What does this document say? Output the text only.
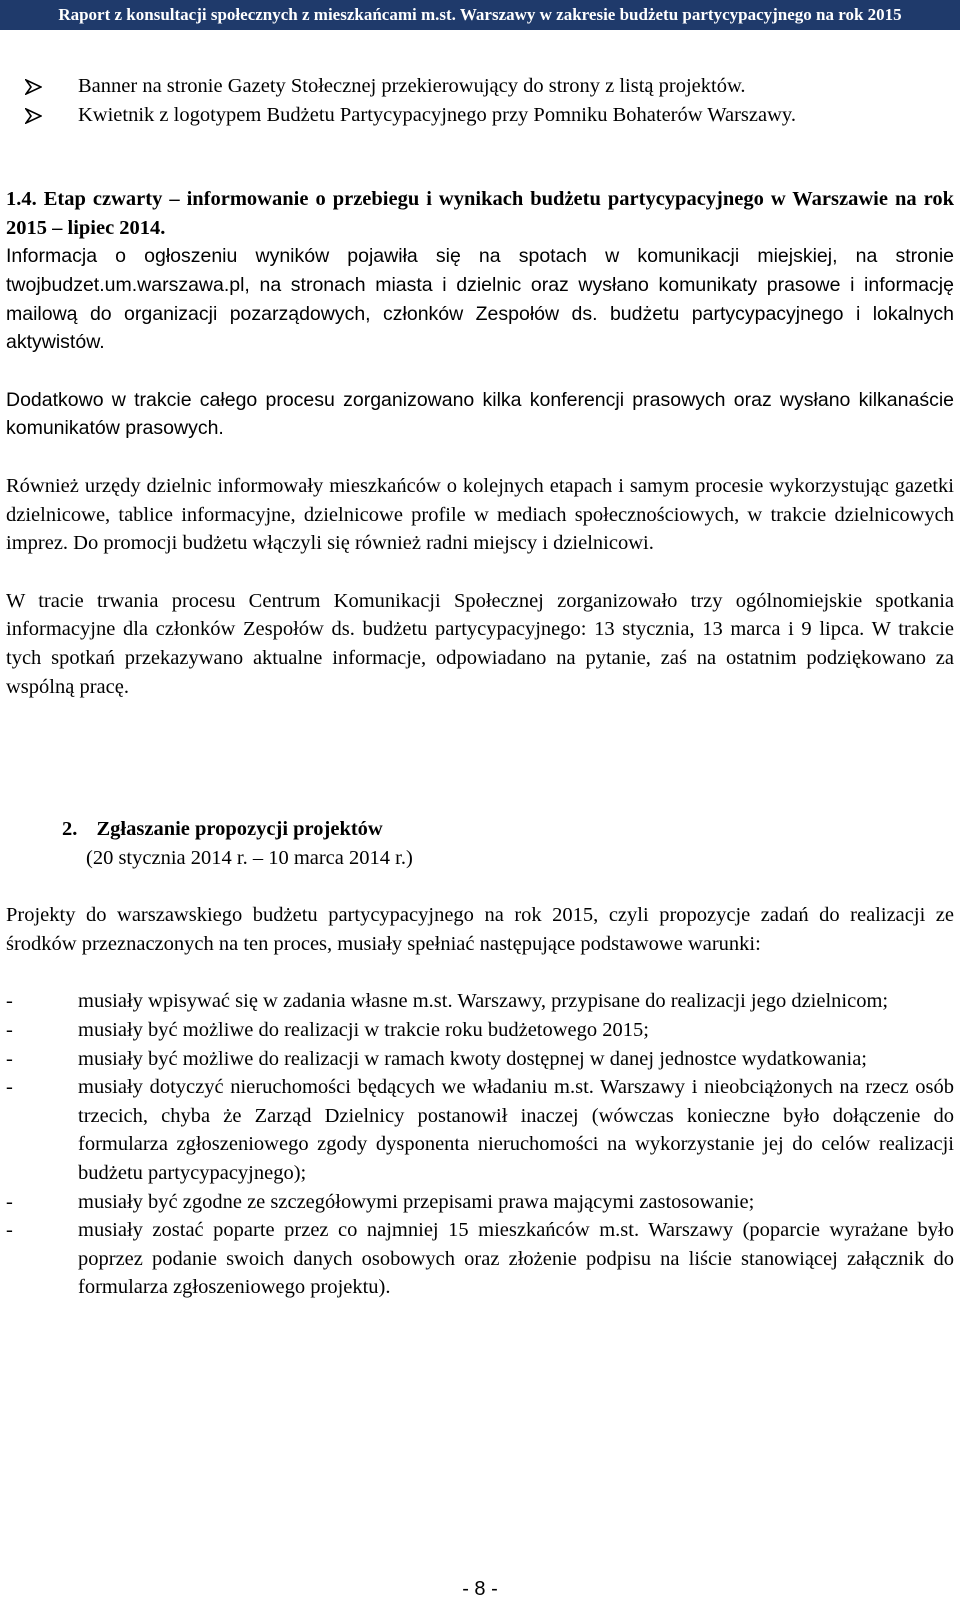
Raport z konsultacji społecznych z mieszkańcami m.st. Warszawy w zakresie budżetu partycypacyjnego na rok 2015
Banner na stronie Gazety Stołecznej przekierowujący do strony z listą projektów.
Kwietnik z logotypem Budżetu Partycypacyjnego przy Pomniku Bohaterów Warszawy.
1.4. Etap czwarty – informowanie o przebiegu i wynikach budżetu partycypacyjnego w Warszawie na rok 2015 – lipiec 2014.

Informacja o ogłoszeniu wyników pojawiła się na spotach w komunikacji miejskiej, na stronie twojbudzet.um.warszawa.pl, na stronach miasta i dzielnic oraz wysłano komunikaty prasowe i informację mailową do organizacji pozarządowych, członków Zespołów ds. budżetu partycypacyjnego i lokalnych aktywistów.

Dodatkowo w trakcie całego procesu zorganizowano kilka konferencji prasowych oraz wysłano kilkanaście komunikatów prasowych.

Również urzędy dzielnic informowały mieszkańców o kolejnych etapach i samym procesie wykorzystując gazetki dzielnicowe, tablice informacyjne, dzielnicowe profile w mediach społecznościowych, w trakcie dzielnicowych imprez. Do promocji budżetu włączyli się również radni miejscy i dzielnicowi.

W tracie trwania procesu Centrum Komunikacji Społecznej zorganizowało trzy ogólnomiejskie spotkania informacyjne dla członków Zespołów ds. budżetu partycypacyjnego: 13 stycznia, 13 marca i 9 lipca. W trakcie tych spotkań przekazywano aktualne informacje, odpowiadano na pytanie, zaś na ostatnim podziękowano za wspólną pracę.

2. Zgłaszanie propozycji projektów
(20 stycznia 2014 r. – 10 marca 2014 r.)

Projekty do warszawskiego budżetu partycypacyjnego na rok 2015, czyli propozycje zadań do realizacji ze środków przeznaczonych na ten proces, musiały spełniać następujące podstawowe warunki:

-	musiały wpisywać się w zadania własne m.st. Warszawy, przypisane do realizacji jego dzielnicom;
-	musiały być możliwe do realizacji w trakcie roku budżetowego 2015;
-	musiały być możliwe do realizacji w ramach kwoty dostępnej w danej jednostce wydatkowania;
-	musiały dotyczyć nieruchomości będących we władaniu m.st. Warszawy i nieobciążonych na rzecz osób trzecich, chyba że Zarząd Dzielnicy postanowił inaczej (wówczas konieczne było dołączenie do formularza zgłoszeniowego zgody dysponenta nieruchomości na wykorzystanie jej do celów realizacji budżetu partycypacyjnego);
-	musiały być zgodne ze szczegółowymi przepisami prawa mającymi zastosowanie;
-	musiały zostać poparte przez co najmniej 15 mieszkańców m.st. Warszawy (poparcie wyrażane było poprzez podanie swoich danych osobowych oraz złożenie podpisu na liście stanowiącej załącznik do formularza zgłoszeniowego projektu).
- 8 -
